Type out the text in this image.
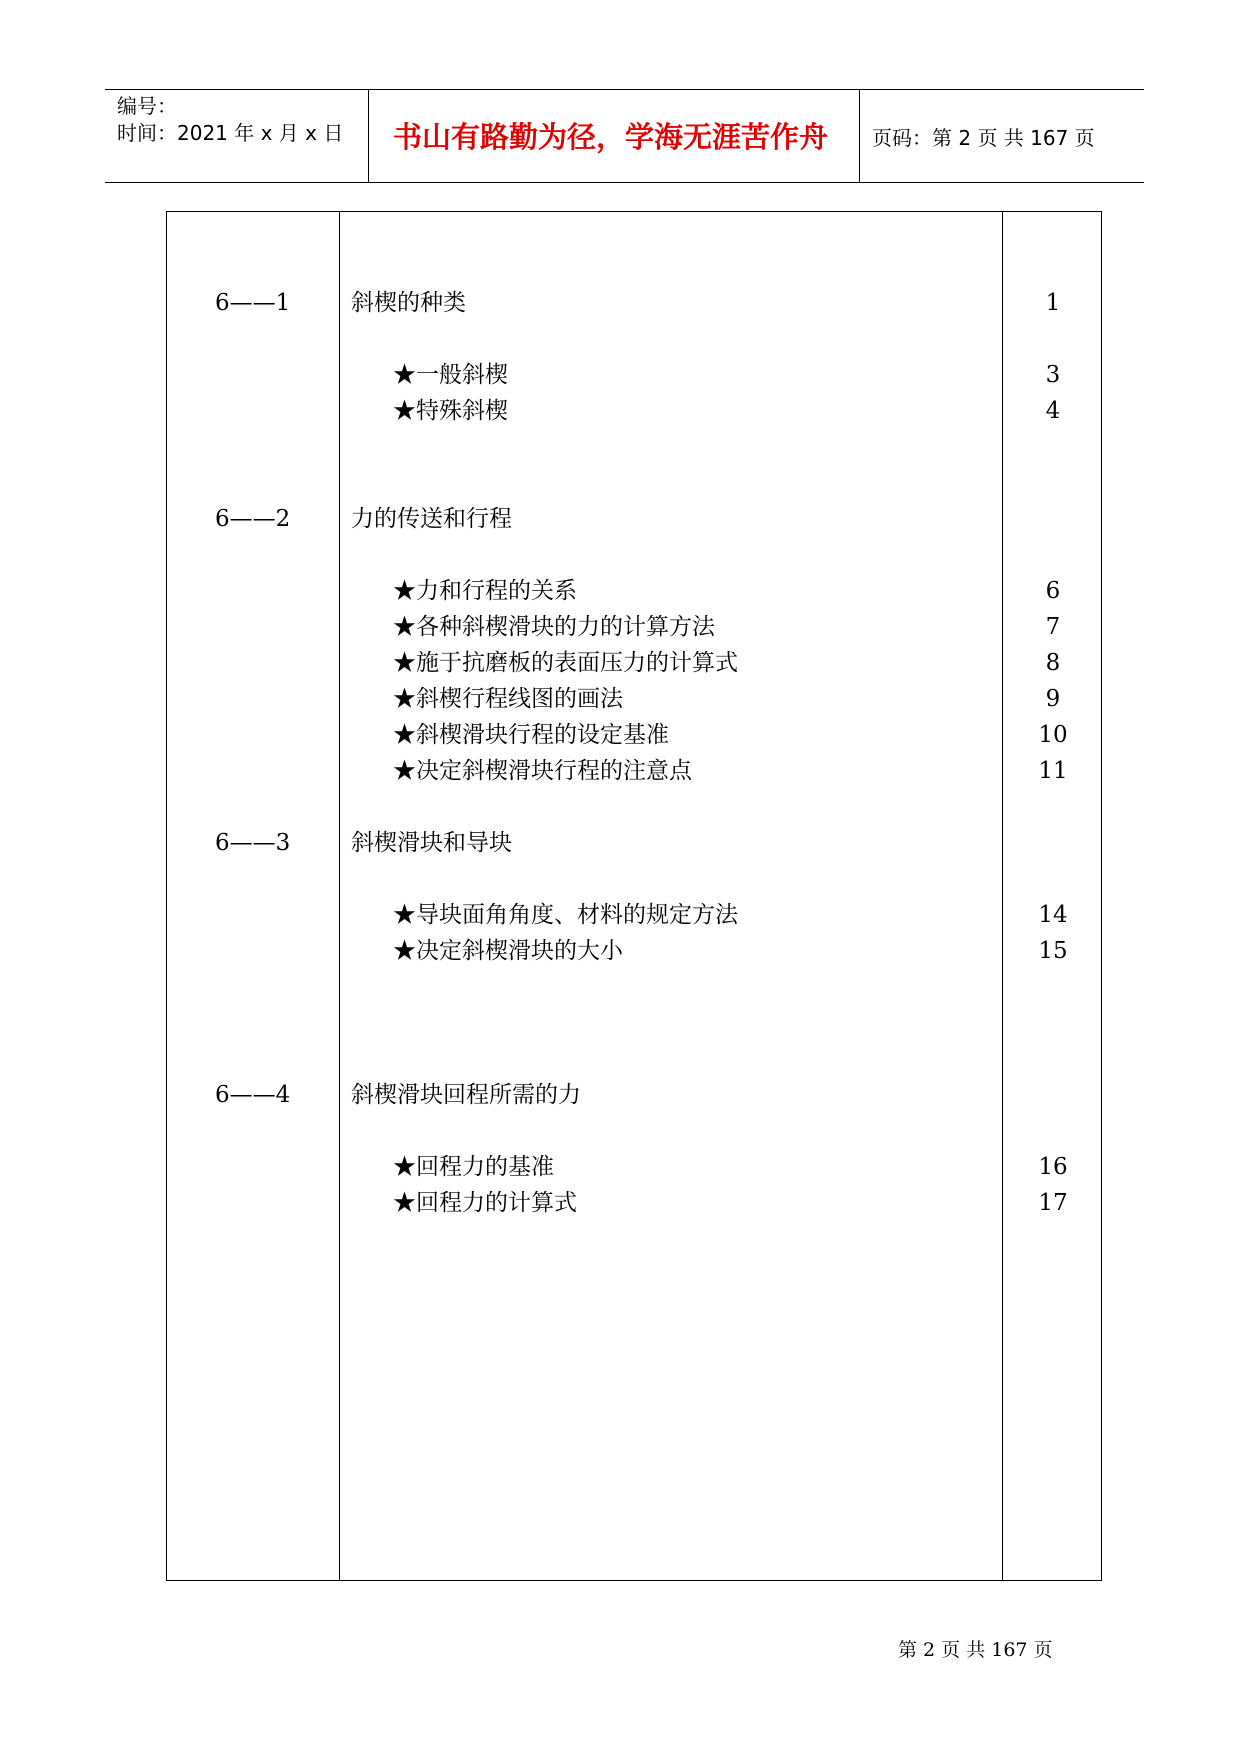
编号：
时间：2021 年 x 月 x 日 书山有路勤为径，学海无涯苦作舟 页码：第 2 页 共 167 页
6——1	斜楔的种类	1
★一般斜楔	3
★特殊斜楔	4
6——2	力的传送和行程
★力和行程的关系	6
★各种斜楔滑块的力的计算方法	7
★施于抗磨板的表面压力的计算式	8
★斜楔行程线图的画法	9
★斜楔滑块行程的设定基准	10
★决定斜楔滑块行程的注意点	11
6——3	斜楔滑块和导块
★导块面角角度、材料的规定方法	14
★决定斜楔滑块的大小	15
6——4	斜楔滑块回程所需的力
★回程力的基准	16
★回程力的计算式	17
第 2 页 共 167 页
